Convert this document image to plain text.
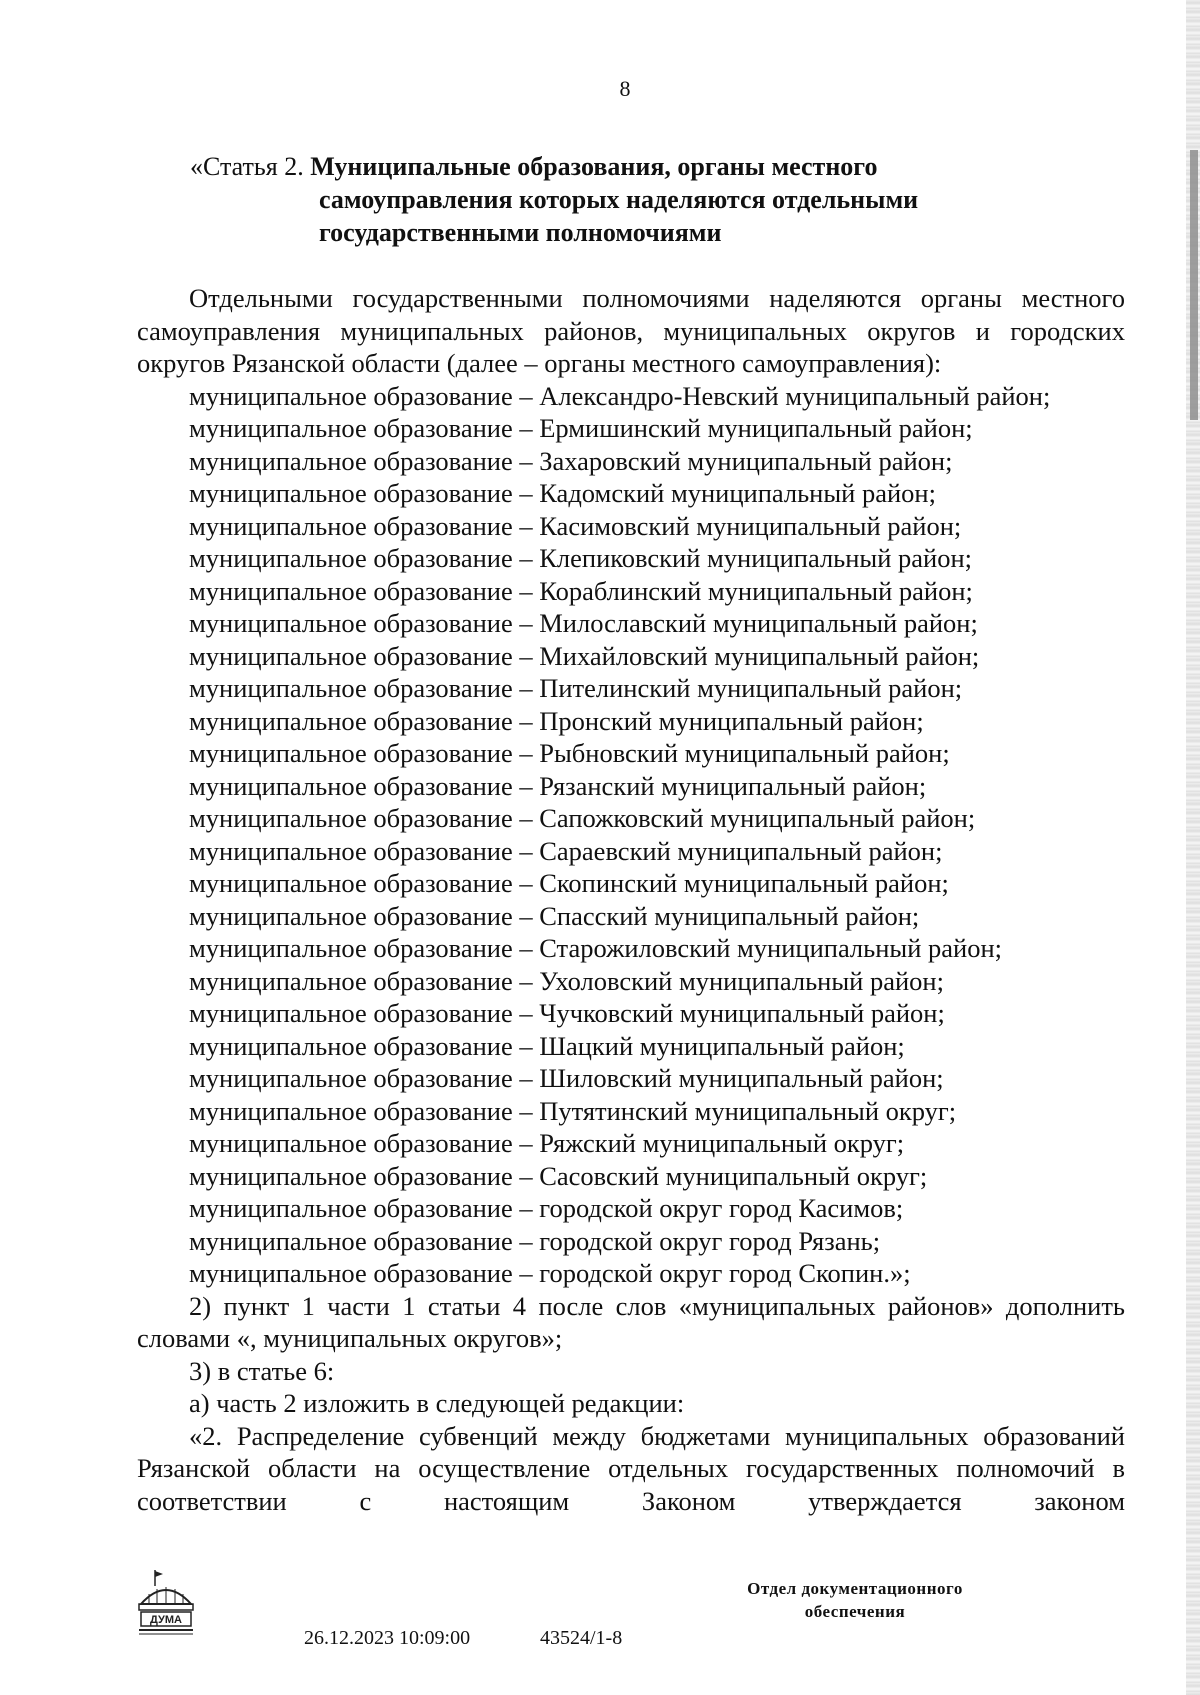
8
«Статья 2. Муниципальные образования, органы местного
самоуправления которых наделяются отдельными
государственными полномочиями

Отдельными государственными полномочиями наделяются органы местного самоуправления муниципальных районов, муниципальных округов и городских округов Рязанской области (далее – органы местного самоуправления):

муниципальное образование – Александро-Невский муниципальный район;

муниципальное образование – Ермишинский муниципальный район;

муниципальное образование – Захаровский муниципальный район;

муниципальное образование – Кадомский муниципальный район;

муниципальное образование – Касимовский муниципальный район;

муниципальное образование – Клепиковский муниципальный район;

муниципальное образование – Кораблинский муниципальный район;

муниципальное образование – Милославский муниципальный район;

муниципальное образование – Михайловский муниципальный район;

муниципальное образование – Пителинский муниципальный район;

муниципальное образование – Пронский муниципальный район;

муниципальное образование – Рыбновский муниципальный район;

муниципальное образование – Рязанский муниципальный район;

муниципальное образование – Сапожковский муниципальный район;

муниципальное образование – Сараевский муниципальный район;

муниципальное образование – Скопинский муниципальный район;

муниципальное образование – Спасский муниципальный район;

муниципальное образование – Старожиловский муниципальный район;

муниципальное образование – Ухоловский муниципальный район;

муниципальное образование – Чучковский муниципальный район;

муниципальное образование – Шацкий муниципальный район;

муниципальное образование – Шиловский муниципальный район;

муниципальное образование – Путятинский муниципальный округ;

муниципальное образование – Ряжский муниципальный округ;

муниципальное образование – Сасовский муниципальный округ;

муниципальное образование – городской округ город Касимов;

муниципальное образование – городской округ город Рязань;

муниципальное образование – городской округ город Скопин.»;

2) пункт 1 части 1 статьи 4 после слов «муниципальных районов» дополнить словами «, муниципальных округов»;

3) в статье 6:

а) часть 2 изложить в следующей редакции:

«2. Распределение субвенций между бюджетами муниципальных образований Рязанской области на осуществление отдельных государственных полномочий в соответствии с настоящим Законом утверждается законом

ДУМА
26.12.2023 10:09:00	43524/1-8
Отдел документационного
обеспечения
